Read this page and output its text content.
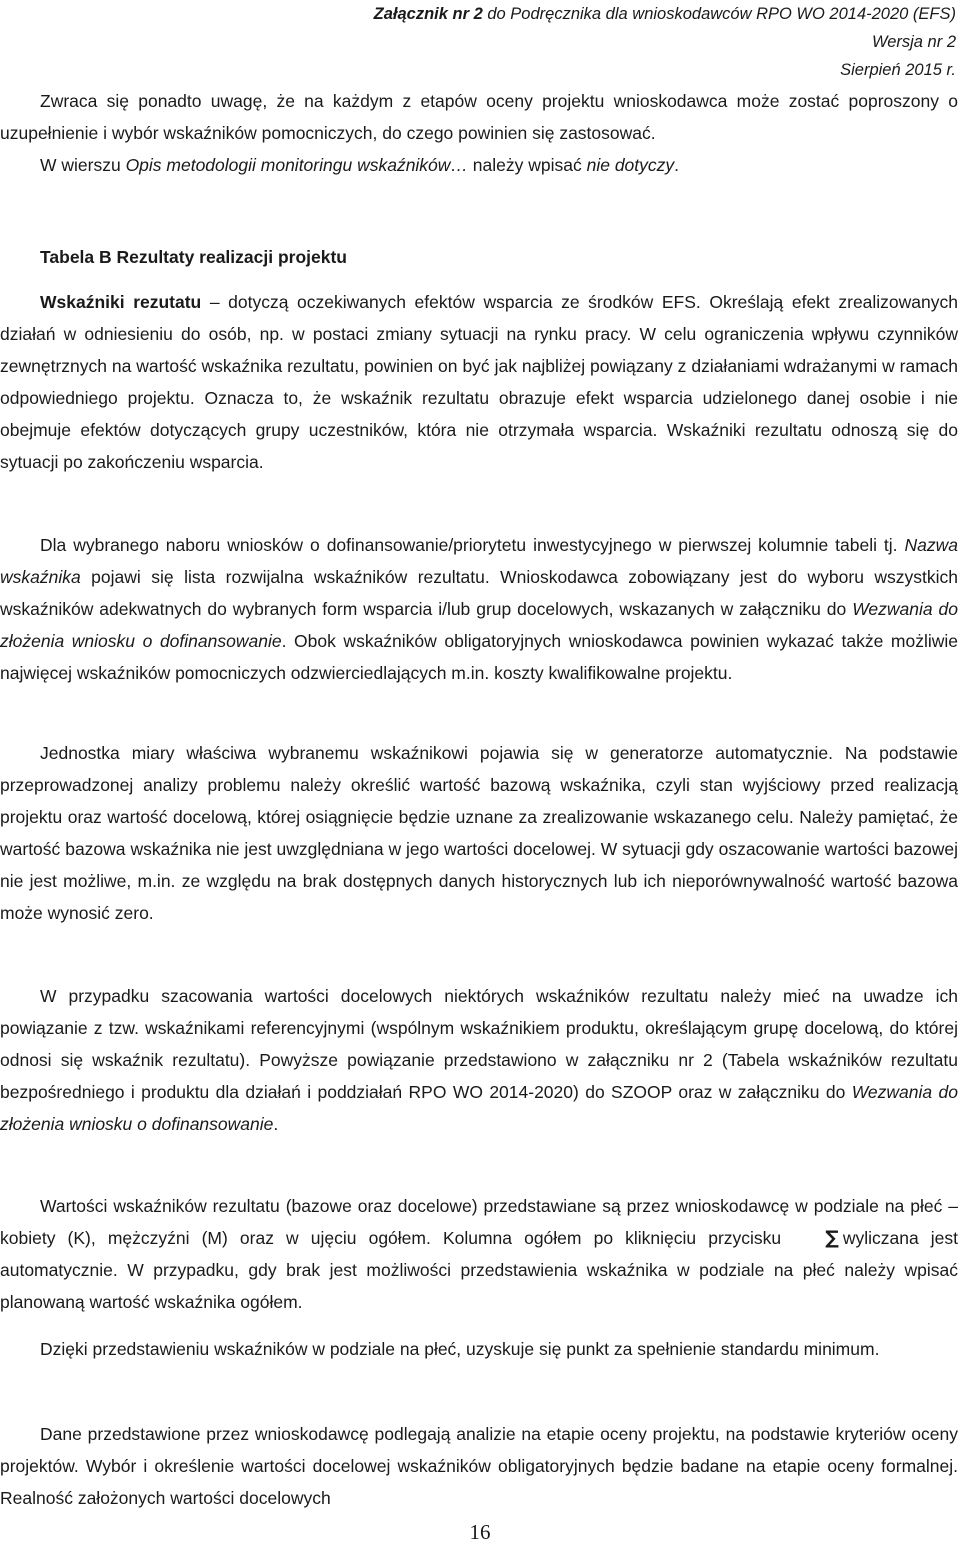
Załącznik nr 2 do Podręcznika dla wnioskodawców RPO WO 2014-2020 (EFS)
Wersja nr 2
Sierpień 2015 r.

Zwraca się ponadto uwagę, że na każdym z etapów oceny projektu wnioskodawca może zostać poproszony o uzupełnienie i wybór wskaźników pomocniczych, do czego powinien się zastosować.

W wierszu Opis metodologii monitoringu wskaźników… należy wpisać nie dotyczy.

Tabela B Rezultaty realizacji projektu

Wskaźniki rezutatu – dotyczą oczekiwanych efektów wsparcia ze środków EFS. Określają efekt zrealizowanych działań w odniesieniu do osób, np. w postaci zmiany sytuacji na rynku pracy. W celu ograniczenia wpływu czynników zewnętrznych na wartość wskaźnika rezultatu, powinien on być jak najbliżej powiązany z działaniami wdrażanymi w ramach odpowiedniego projektu. Oznacza to, że wskaźnik rezultatu obrazuje efekt wsparcia udzielonego danej osobie i nie obejmuje efektów dotyczących grupy uczestników, która nie otrzymała wsparcia. Wskaźniki rezultatu odnoszą się do sytuacji po zakończeniu wsparcia.

Dla wybranego naboru wniosków o dofinansowanie/priorytetu inwestycyjnego w pierwszej kolumnie tabeli tj. Nazwa wskaźnika pojawi się lista rozwijalna wskaźników rezultatu. Wnioskodawca zobowiązany jest do wyboru wszystkich wskaźników adekwatnych do wybranych form wsparcia i/lub grup docelowych, wskazanych w załączniku do Wezwania do złożenia wniosku o dofinansowanie. Obok wskaźników obligatoryjnych wnioskodawca powinien wykazać także możliwie najwięcej wskaźników pomocniczych odzwierciedlających m.in. koszty kwalifikowalne projektu.

Jednostka miary właściwa wybranemu wskaźnikowi pojawia się w generatorze automatycznie. Na podstawie przeprowadzonej analizy problemu należy określić wartość bazową wskaźnika, czyli stan wyjściowy przed realizacją projektu oraz wartość docelową, której osiągnięcie będzie uznane za zrealizowanie wskazanego celu. Należy pamiętać, że wartość bazowa wskaźnika nie jest uwzględniana w jego wartości docelowej. W sytuacji gdy oszacowanie wartości bazowej nie jest możliwe, m.in. ze względu na brak dostępnych danych historycznych lub ich nieporównywalność wartość bazowa może wynosić zero.

W przypadku szacowania wartości docelowych niektórych wskaźników rezultatu należy mieć na uwadze ich powiązanie z tzw. wskaźnikami referencyjnymi (wspólnym wskaźnikiem produktu, określającym grupę docelową, do której odnosi się wskaźnik rezultatu). Powyższe powiązanie przedstawiono w załączniku nr 2 (Tabela wskaźników rezultatu bezpośredniego i produktu dla działań i poddziałań RPO WO 2014-2020) do SZOOP oraz w załączniku do Wezwania do złożenia wniosku o dofinansowanie.

Wartości wskaźników rezultatu (bazowe oraz docelowe) przedstawiane są przez wnioskodawcę w podziale na płeć – kobiety (K), mężczyźni (M) oraz w ujęciu ogółem. Kolumna ogółem po kliknięciu przycisku ∑ wyliczana jest automatycznie. W przypadku, gdy brak jest możliwości przedstawienia wskaźnika w podziale na płeć należy wpisać planowaną wartość wskaźnika ogółem.

Dzięki przedstawieniu wskaźników w podziale na płeć, uzyskuje się punkt za spełnienie standardu minimum.

Dane przedstawione przez wnioskodawcę podlegają analizie na etapie oceny projektu, na podstawie kryteriów oceny projektów. Wybór i określenie wartości docelowej wskaźników obligatoryjnych będzie badane na etapie oceny formalnej. Realność założonych wartości docelowych

16
